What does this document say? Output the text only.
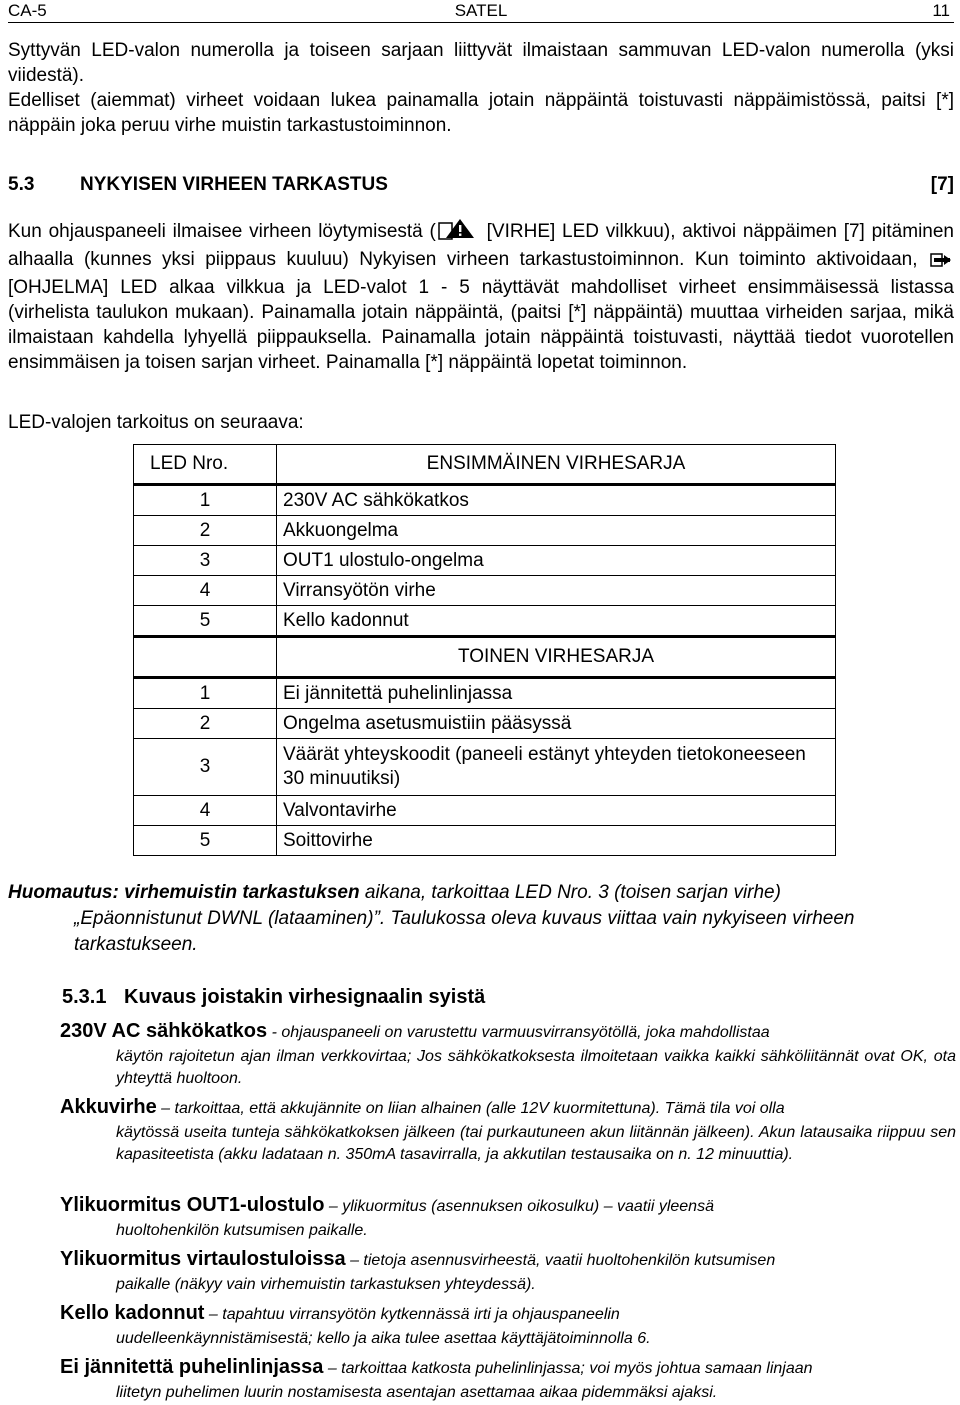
CA-5	SATEL	11

Syttyvän LED-valon numerolla ja toiseen sarjaan liittyvät ilmaistaan sammuvan LED-valon numerolla (yksi viidestä).

Edelliset (aiemmat) virheet voidaan lukea painamalla jotain näppäintä toistuvasti näppäimistössä, paitsi [*] näppäin joka peruu virhe muistin tarkastustoiminnon.

5.3 NYKYISEN VIRHEEN TARKASTUS	[7]

Kun ohjauspaneeli ilmaisee virheen löytymisestä ( [VIRHE] LED vilkkuu), aktivoi näppäimen [7] pitäminen alhaalla (kunnes yksi piippaus kuuluu) Nykyisen virheen tarkastustoiminnon. Kun toiminto aktivoidaan,  [OHJELMA] LED alkaa vilkkua ja LED-valot 1 - 5 näyttävät mahdolliset virheet ensimmäisessä listassa (virhelista taulukon mukaan). Painamalla jotain näppäintä, (paitsi [*] näppäintä) muuttaa virheiden sarjaa, mikä ilmaistaan kahdella lyhyellä piippauksella. Painamalla jotain näppäintä toistuvasti, näyttää tiedot vuorotellen ensimmäisen ja toisen sarjan virheet. Painamalla [*] näppäintä lopetat toiminnon.

LED-valojen tarkoitus on seuraava:
LED Nro.	ENSIMMÄINEN VIRHESARJA
1	230V AC sähkökatkos
2	Akkuongelma
3	OUT1 ulostulo-ongelma
4	Virransyötön virhe
5	Kello kadonnut
	TOINEN VIRHESARJA
1	Ei jännitettä puhelinlinjassa
2	Ongelma asetusmuistiin pääsyssä
3	Väärät yhteyskoodit (paneeli estänyt yhteyden tietokoneeseen 30 minuutiksi)
4	Valvontavirhe
5	Soittovirhe
Huomautus: virhemuistin tarkastuksen aikana, tarkoittaa LED Nro. 3 (toisen sarjan virhe)
„Epäonnistunut DWNL (lataaminen)”. Taulukossa oleva kuvaus viittaa vain nykyiseen virheen tarkastukseen.
5.3.1 Kuvaus joistakin virhesignaalin syistä
230V AC sähkökatkos - ohjauspaneeli on varustettu varmuusvirransyötöllä, joka mahdollistaa
käytön rajoitetun ajan ilman verkkovirtaa; Jos sähkökatkoksesta ilmoitetaan vaikka kaikki sähköliitännät ovat OK, ota yhteyttä huoltoon.
Akkuvirhe – tarkoittaa, että akkujännite on liian alhainen (alle 12V kuormitettuna). Tämä tila voi olla
käytössä useita tunteja sähkökatkoksen jälkeen (tai purkautuneen akun liitännän jälkeen). Akun latausaika riippuu sen kapasiteetista (akku ladataan n. 350mA tasavirralla, ja akkutilan testausaika on n. 12 minuuttia).
Ylikuormitus OUT1-ulostulo – ylikuormitus (asennuksen oikosulku) – vaatii yleensä
huoltohenkilön kutsumisen paikalle.
Ylikuormitus virtaulostuloissa – tietoja asennusvirheestä, vaatii huoltohenkilön kutsumisen
paikalle (näkyy vain virhemuistin tarkastuksen yhteydessä).
Kello kadonnut – tapahtuu virransyötön kytkennässä irti ja ohjauspaneelin
uudelleenkäynnistämisestä; kello ja aika tulee asettaa käyttäjätoiminnolla 6.
Ei jännitettä puhelinlinjassa – tarkoittaa katkosta puhelinlinjassa; voi myös johtua samaan linjaan
liitetyn puhelimen luurin nostamisesta asentajan asettamaa aikaa pidemmäksi ajaksi.
